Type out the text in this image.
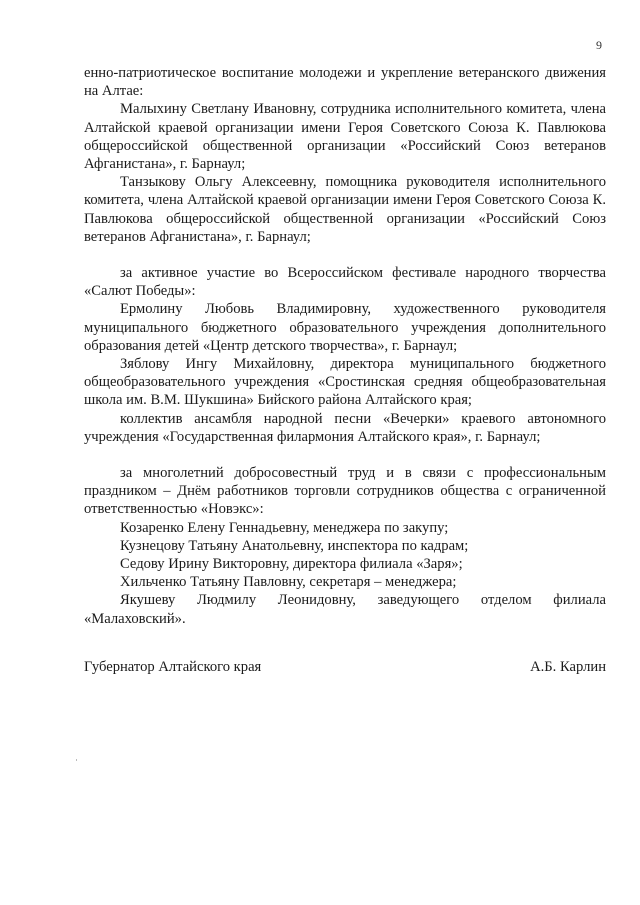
9

енно-патриотическое воспитание молодежи и укрепление ветеранского движения на Алтае:

Малыхину Светлану Ивановну, сотрудника исполнительного комитета, члена Алтайской краевой организации имени Героя Советского Союза К. Павлюкова общероссийской общественной организации «Российский Союз ветеранов Афганистана», г. Барнаул;

Танзыкову Ольгу Алексеевну, помощника руководителя исполнительного комитета, члена Алтайской краевой организации имени Героя Советского Союза К. Павлюкова общероссийской общественной организации «Российский Союз ветеранов Афганистана», г. Барнаул;

за активное участие во Всероссийском фестивале народного творчества «Салют Победы»:

Ермолину Любовь Владимировну, художественного руководителя муниципального бюджетного образовательного учреждения дополнительного образования детей «Центр детского творчества», г. Барнаул;

Зяблову Ингу Михайловну, директора муниципального бюджетного общеобразовательного учреждения «Сростинская средняя общеобразовательная школа им. В.М. Шукшина» Бийского района Алтайского края;

коллектив ансамбля народной песни «Вечерки» краевого автономного учреждения «Государственная филармония Алтайского края», г. Барнаул;

за многолетний добросовестный труд и в связи с профессиональным праздником – Днём работников торговли сотрудников общества с ограниченной ответственностью «Новэкс»:

Козаренко Елену Геннадьевну, менеджера по закупу;

Кузнецову Татьяну Анатольевну, инспектора по кадрам;

Седову Ирину Викторовну, директора филиала «Заря»;

Хильченко Татьяну Павловну, секретаря – менеджера;

Якушеву Людмилу Леонидовну, заведующего отделом филиала «Малаховский».

Губернатор Алтайского края	А.Б. Карлин
